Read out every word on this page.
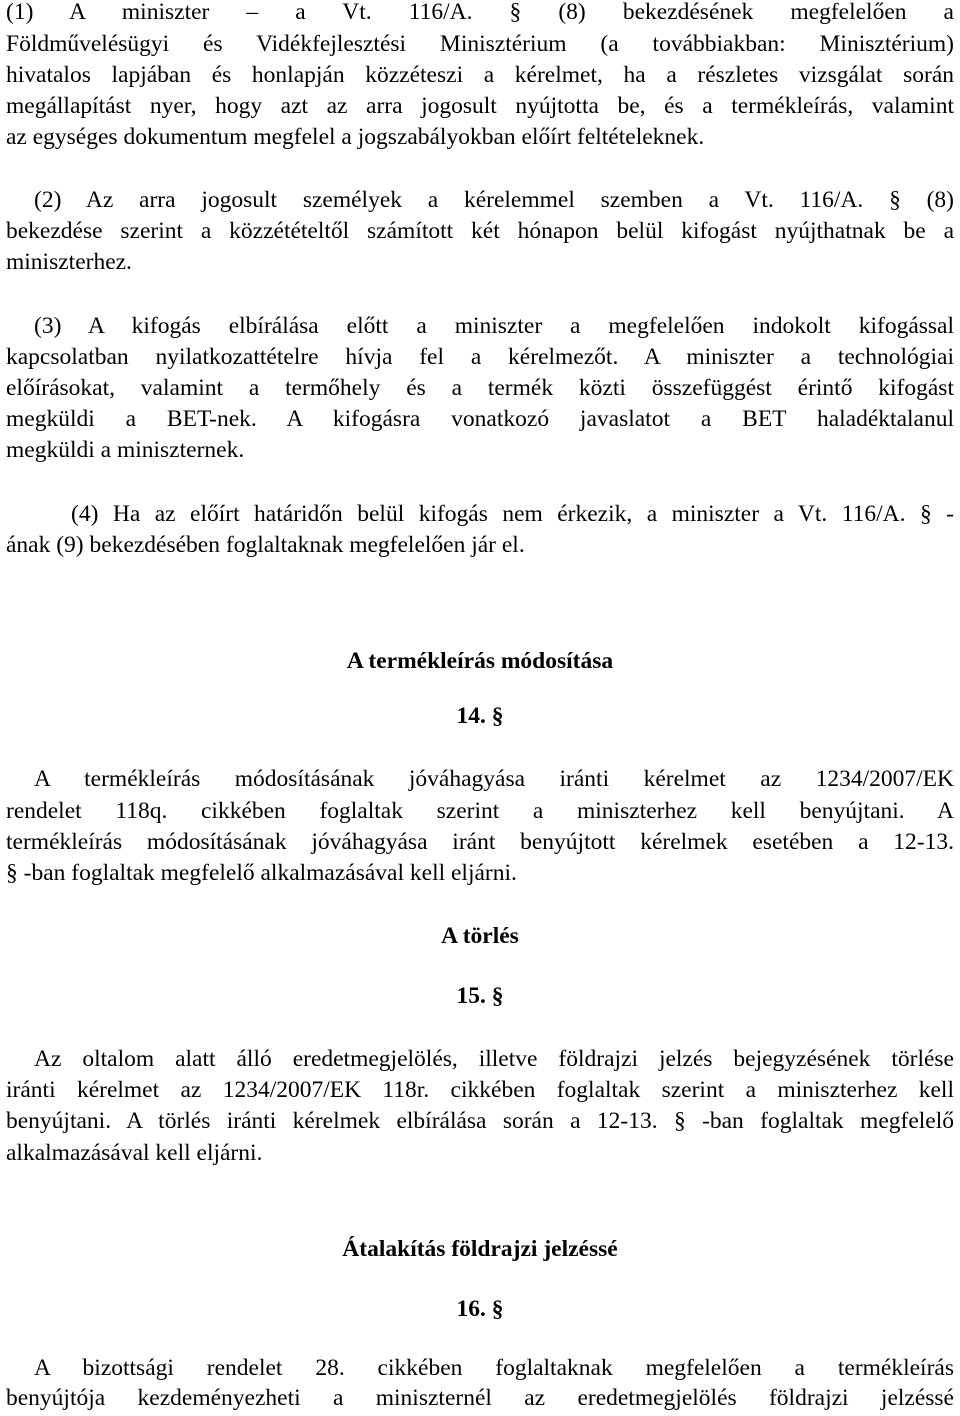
(1) A miniszter – a Vt. 116/A. § (8) bekezdésének megfelelően a
Földművelésügyi és Vidékfejlesztési Minisztérium (a továbbiakban: Minisztérium)
hivatalos lapjában és honlapján közzéteszi a kérelmet, ha a részletes vizsgálat során
megállapítást nyer, hogy azt az arra jogosult nyújtotta be, és a termékleírás, valamint
az egységes dokumentum megfelel a jogszabályokban előírt feltételeknek.
(2) Az arra jogosult személyek a kérelemmel szemben a Vt. 116/A. § (8)
bekezdése szerint a közzétételtől számított két hónapon belül kifogást nyújthatnak be a
miniszterhez.
(3) A kifogás elbírálása előtt a miniszter a megfelelően indokolt kifogással
kapcsolatban nyilatkozattételre hívja fel a kérelmezőt. A miniszter a technológiai
előírásokat, valamint a termőhely és a termék közti összefüggést érintő kifogást
megküldi a BET-nek. A kifogásra vonatkozó javaslatot a BET haladéktalanul
megküldi a miniszternek.
(4) Ha az előírt határidőn belül kifogás nem érkezik, a miniszter a Vt. 116/A. § -
ának (9) bekezdésében foglaltaknak megfelelően jár el.
A termékleírás módosítása
14. §
A termékleírás módosításának jóváhagyása iránti kérelmet az 1234/2007/EK
rendelet 118q. cikkében foglaltak szerint a miniszterhez kell benyújtani. A
termékleírás módosításának jóváhagyása iránt benyújtott kérelmek esetében a 12-13.
§ -ban foglaltak megfelelő alkalmazásával kell eljárni.
A törlés
15. §
Az oltalom alatt álló eredetmegjelölés, illetve földrajzi jelzés bejegyzésének törlése
iránti kérelmet az 1234/2007/EK 118r. cikkében foglaltak szerint a miniszterhez kell
benyújtani. A törlés iránti kérelmek elbírálása során a 12-13. § -ban foglaltak megfelelő
alkalmazásával kell eljárni.
Átalakítás földrajzi jelzéssé
16. §
A bizottsági rendelet 28. cikkében foglaltaknak megfelelően a termékleírás
benyújtója kezdeményezheti a miniszternél az eredetmegjelölés földrajzi jelzéssé
